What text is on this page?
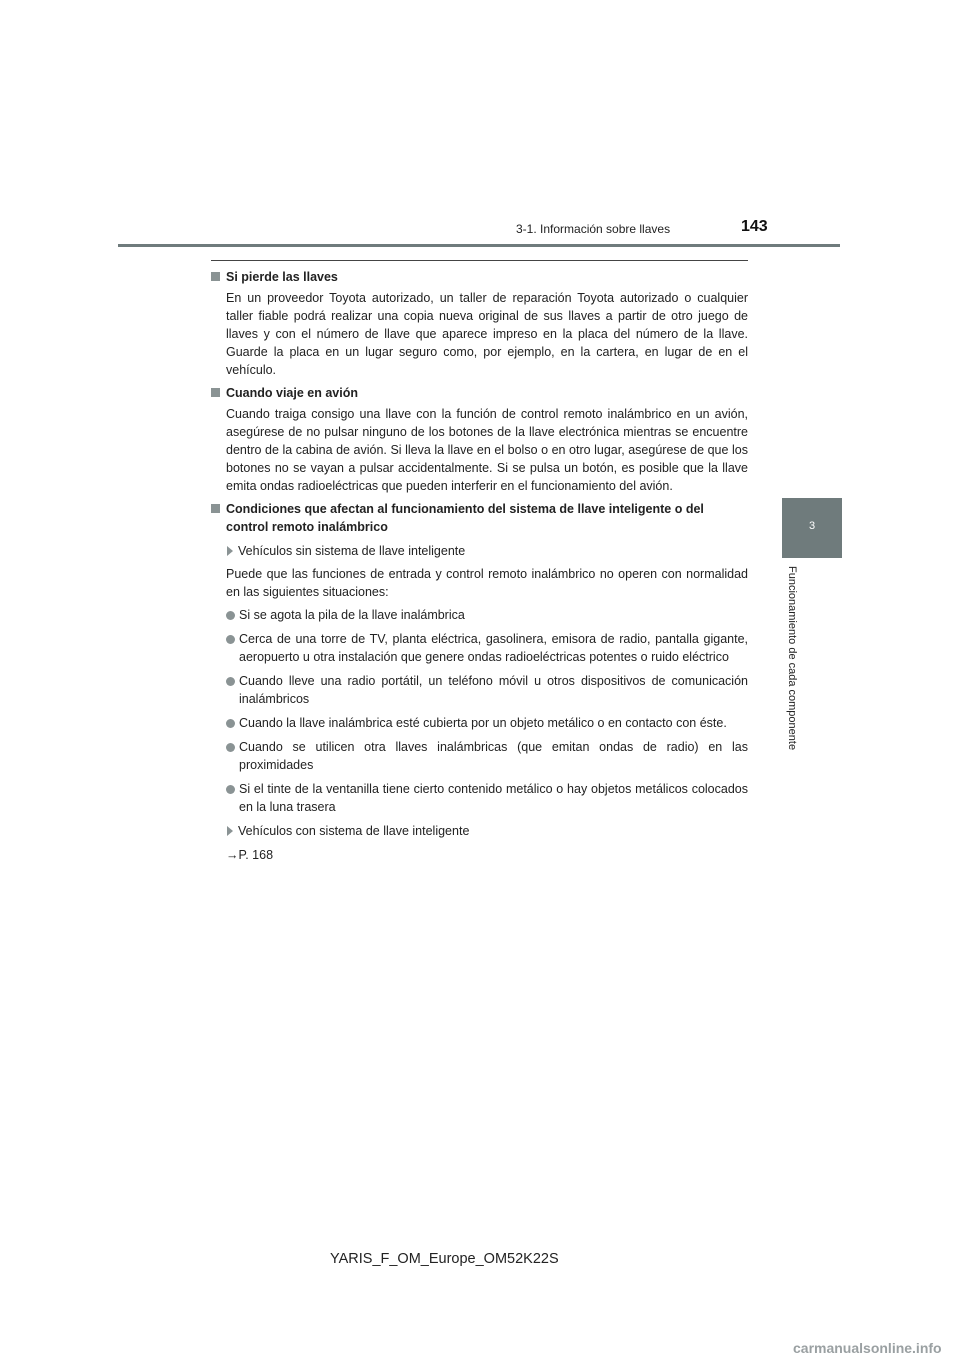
3-1. Información sobre llaves	143
3
Funcionamiento de cada componente
Si pierde las llaves

En un proveedor Toyota autorizado, un taller de reparación Toyota autorizado o cualquier taller fiable podrá realizar una copia nueva original de sus llaves a partir de otro juego de llaves y con el número de llave que aparece impreso en la placa del número de la llave. Guarde la placa en un lugar seguro como, por ejemplo, en la cartera, en lugar de en el vehículo.

Cuando viaje en avión

Cuando traiga consigo una llave con la función de control remoto inalámbrico en un avión, asegúrese de no pulsar ninguno de los botones de la llave electrónica mientras se encuentre dentro de la cabina de avión. Si lleva la llave en el bolso o en otro lugar, asegúrese de que los botones no se vayan a pulsar accidentalmente. Si se pulsa un botón, es posible que la llave emita ondas radioeléctricas que pueden interferir en el funcionamiento del avión.

Condiciones que afectan al funcionamiento del sistema de llave inteligente o del control remoto inalámbrico
Vehículos sin sistema de llave inteligente

Puede que las funciones de entrada y control remoto inalámbrico no operen con normalidad en las siguientes situaciones:

Si se agota la pila de la llave inalámbrica
Cerca de una torre de TV, planta eléctrica, gasolinera, emisora de radio, pantalla gigante, aeropuerto u otra instalación que genere ondas radioeléctricas potentes o ruido eléctrico
Cuando lleve una radio portátil, un teléfono móvil u otros dispositivos de comunicación inalámbricos
Cuando la llave inalámbrica esté cubierta por un objeto metálico o en contacto con éste.
Cuando se utilicen otra llaves inalámbricas (que emitan ondas de radio) en las proximidades
Si el tinte de la ventanilla tiene cierto contenido metálico o hay objetos metálicos colocados en la luna trasera
Vehículos con sistema de llave inteligente
→P. 168
YARIS_F_OM_Europe_OM52K22S
carmanualsonline.info
